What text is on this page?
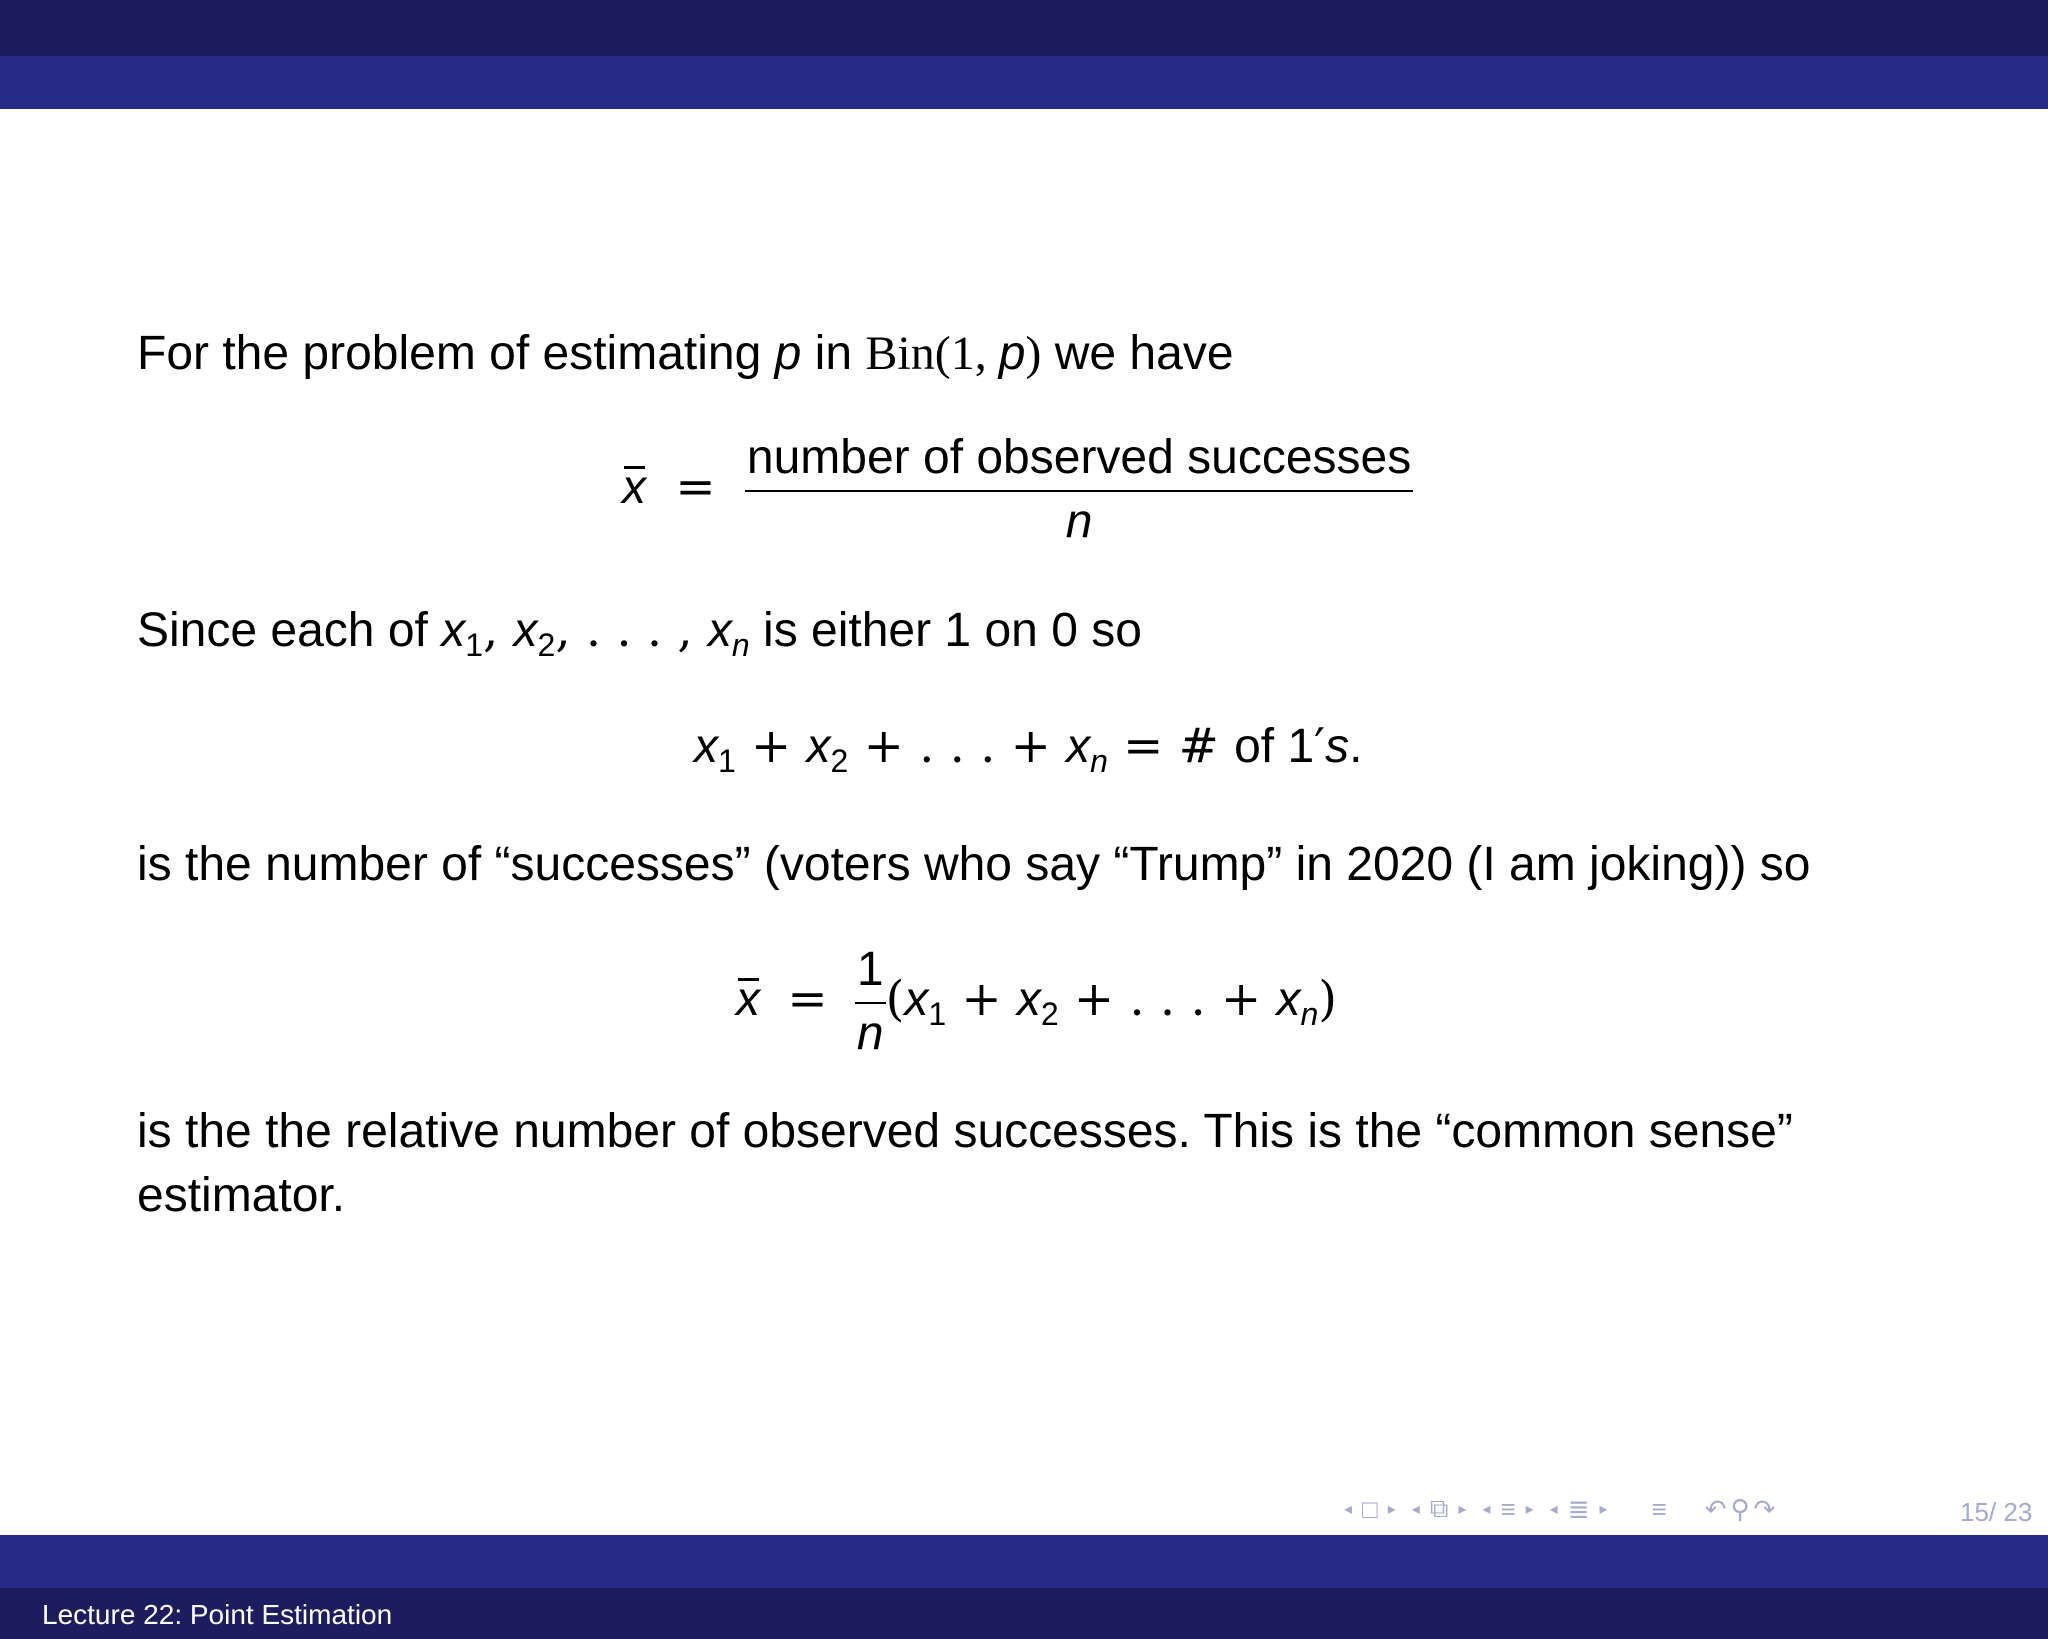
For the problem of estimating p in Bin(1, p) we have
$x = \frac{\text{number of observed successes}}{n}$
Since each of $x_1$, $x_2$, . . . , $x_n$ is either 1 on 0 so
$x_1 + x_2$ + . . . + $x_n$ = # of 1′s.
is the number of “successes” (voters who say “Trump” in 2020 (I am joking)) so
$x = \frac{1}{n} (x_1 + x_2$ + . . . + $x_n$)
is the the relative number of observed successes. This is the “common sense” estimator.
◂ □ ▸ ◂ ⧉ ▸ ◂ ≡ ▸ ◂ ≣ ▸ ≡ ↶ ⚲ ↷	15/ 23
Lecture 22: Point Estimation
